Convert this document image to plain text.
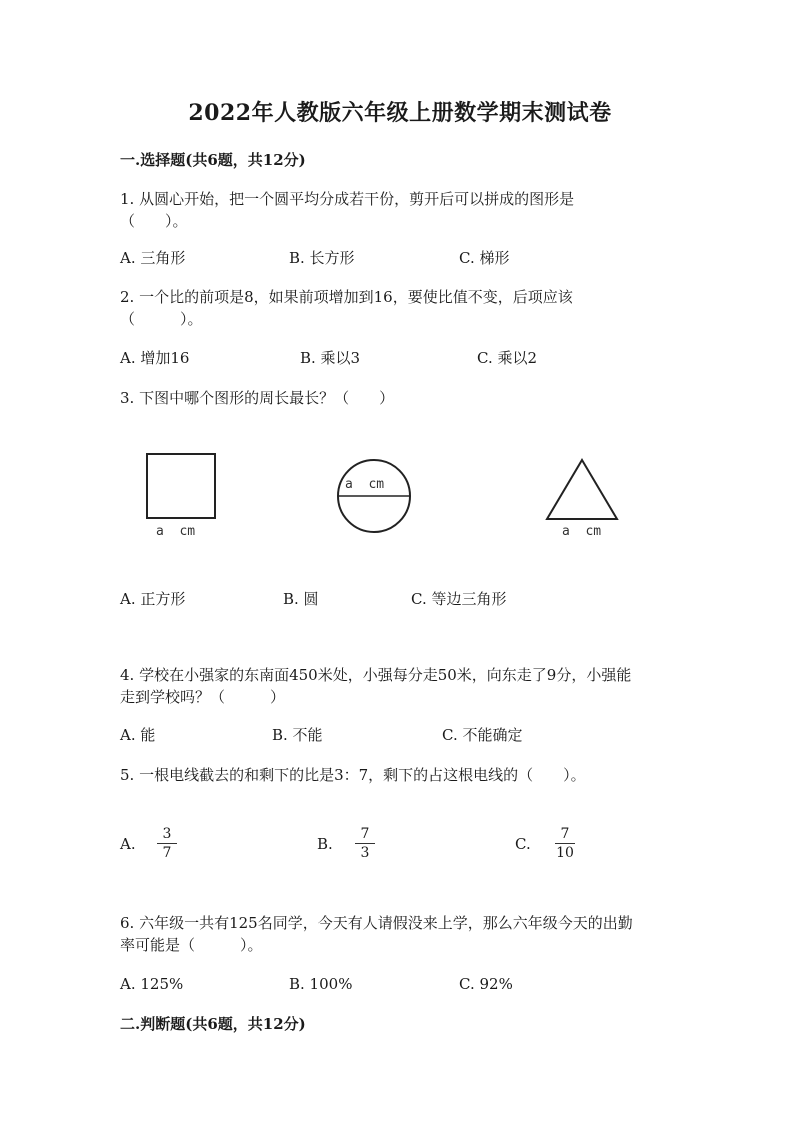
2022年人教版六年级上册数学期末测试卷
一.选择题(共6题，共12分)
1. 从圆心开始，把一个圆平均分成若干份，剪开后可以拼成的图形是
（　　）。
A. 三角形	B. 长方形	C. 梯形
2. 一个比的前项是8，如果前项增加到16，要使比值不变，后项应该
（　　　）。
A. 增加16	B. 乘以3	C. 乘以2
3. 下图中哪个图形的周长最长？（　　）
a  cm
a  cm
a  cm
A. 正方形	B. 圆	C. 等边三角形
4. 学校在小强家的东南面450米处，小强每分走50米，向东走了9分，小强能
走到学校吗？（　　　）
A. 能	B. 不能	C. 不能确定
5. 一根电线截去的和剩下的比是3：7，剩下的占这根电线的（　　）。
A.
3
7	B.
7
3	C.
7
10
6. 六年级一共有125名同学，今天有人请假没来上学，那么六年级今天的出勤
率可能是（　　　）。
A. 125%	B. 100%	C. 92%
二.判断题(共6题，共12分)
